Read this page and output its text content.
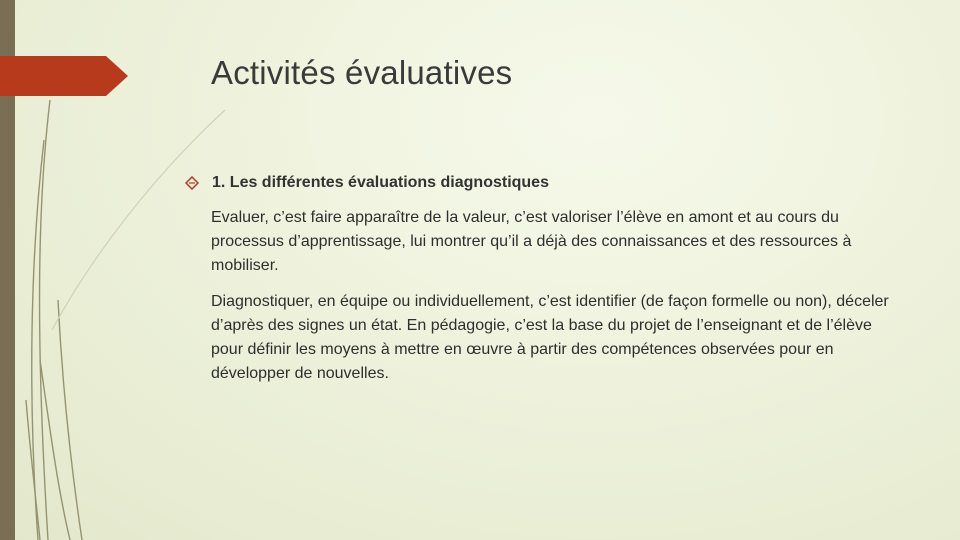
Activités évaluatives
1. Les différentes évaluations diagnostiques

Evaluer, c’est faire apparaître de la valeur, c’est valoriser l’élève en amont et au cours du processus d’apprentissage, lui montrer qu’il a déjà des connaissances et des ressources à mobiliser.

Diagnostiquer, en équipe ou individuellement, c’est identifier (de façon formelle ou non), déceler d’après des signes un état. En pédagogie, c’est la base du projet de l’enseignant et de l’élève pour définir les moyens à mettre en œuvre à partir des compétences observées pour en développer de nouvelles.
